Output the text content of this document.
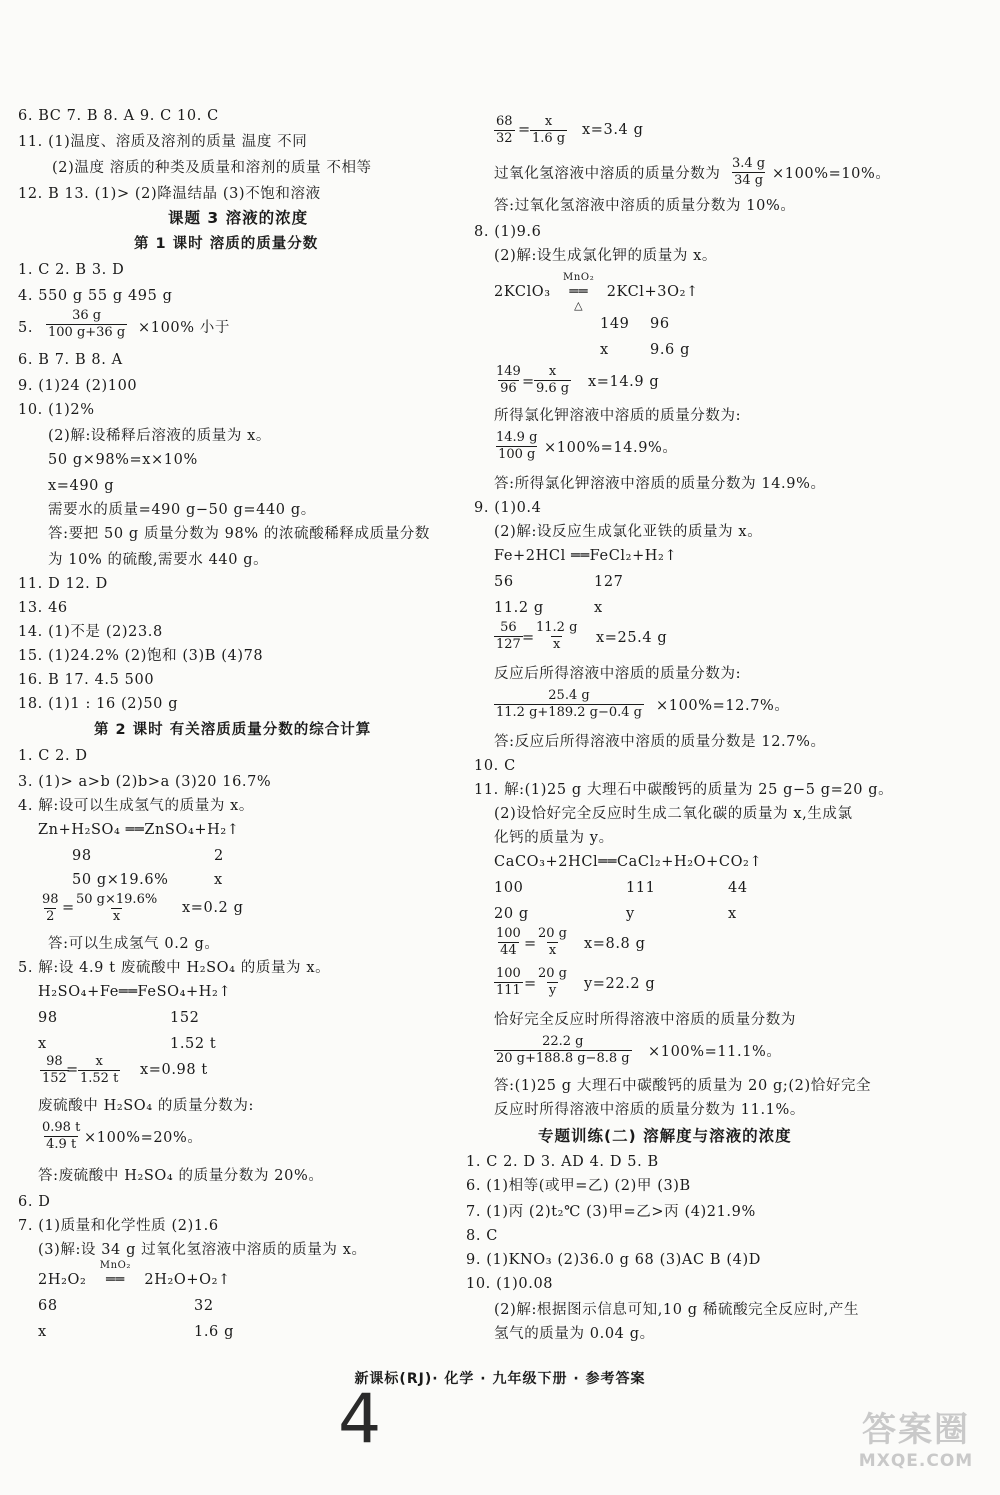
6. BC 7. B 8. A 9. C 10. C
11. (1)温度、溶质及溶剂的质量 温度 不同
(2)温度 溶质的种类及质量和溶剂的质量 不相等
12. B 13. (1)> (2)降温结晶 (3)不饱和溶液
课题 3 溶液的浓度
第 1 课时 溶质的质量分数
1. C 2. B 3. D
4. 550 g 55 g 495 g
5. $\frac{36 g}{100 g+36 g} \times 100\%$ 小于
6. B 7. B 8. A
9. (1)24 (2)100
10. (1)2%
(2)解:设稀释后溶液的质量为 x。
50 g×98%=x×10%
x=490 g
需要水的质量=490 g−50 g=440 g。
答:要把 50 g 质量分数为 98% 的浓硫酸稀释成质量分数
为 10% 的硫酸,需要水 440 g。
11. D 12. D
13. 46
14. (1)不是 (2)23.8
15. (1)24.2% (2)饱和 (3)B (4)78
16. B 17. 4.5 500
18. (1)1 : 16 (2)50 g
第 2 课时 有关溶质质量分数的综合计算
1. C 2. D
3. (1)> a>b (2)b>a (3)20 16.7%
4. 解:设可以生成氢气的质量为 x。
Zn+H₂SO₄ ══ZnSO₄+H₂↑
98	2
50 g×19.6%	x
$\frac{98}{2} = \frac{50 g\times 19.6\%}{x} x=0.2$ g
答:可以生成氢气 0.2 g。
5. 解:设 4.9 t 废硫酸中 H₂SO₄ 的质量为 x。
H₂SO₄+Fe══FeSO₄+H₂↑
98	152
x	1.52 t
$\frac{98}{152}$
= $\frac{x}{1.52 t} x=0.98$ t
废硫酸中 H₂SO₄ 的质量分数为:
$\frac{0.98 t}{4.9 t} \times 100\%=20\%$。
答:废硫酸中 H₂SO₄ 的质量分数为 20%。
6. D
7. (1)质量和化学性质 (2)1.6
(3)解:设 34 g 过氧化氢溶液中溶质的质量为 x。
2H₂O₂
MnO₂
══ 2H₂O+O₂↑
68	32
x	1.6 g
$\frac{68}{32} = \frac{x}{1.6 g} x=3.4$ g
过氧化氢溶液中溶质的质量分数为 $\frac{3.4 g}{34 g} \times 100\%=10\%$。
答:过氧化氢溶液中溶质的质量分数为 10%。
8. (1)9.6
(2)解:设生成氯化钾的质量为 x。
2KClO₃
MnO₂
══
△
2KCl+3O₂↑
149 96
x	9.6 g
$\frac{149}{96} = \frac{x}{9.6 g} x=14.9$ g
所得氯化钾溶液中溶质的质量分数为:
$\frac{14.9 g}{100 g} \times 100\%=14.9\%$。
答:所得氯化钾溶液中溶质的质量分数为 14.9%。
9. (1)0.4
(2)解:设反应生成氯化亚铁的质量为 x。
Fe+2HCl ══FeCl₂+H₂↑
56	127
11.2 g	x
$\frac{56}{127} = \frac{11.2 g}{x} x=25.4$ g
反应后所得溶液中溶质的质量分数为:
$\frac{25.4 g}{11.2 g+189.2 g-0.4 g} \times 100\%=12.7\%$。
答:反应后所得溶液中溶质的质量分数是 12.7%。
10. C
11. 解:(1)25 g 大理石中碳酸钙的质量为 25 g−5 g=20 g。
(2)设恰好完全反应时生成二氧化碳的质量为 x,生成氯
化钙的质量为 y。
CaCO₃+2HCl══CaCl₂+H₂O+CO₂↑
100	111	44
20 g	y	x
$\frac{100}{44} = \frac{20 g}{x} x=8.8$ g
$\frac{100}{111} = \frac{20 g}{y} y=22.2$ g
恰好完全反应时所得溶液中溶质的质量分数为
$\frac{22.2 g}{20 g+188.8 g-8.8 g} \times 100\%=11.1\%$。
答:(1)25 g 大理石中碳酸钙的质量为 20 g;(2)恰好完全
反应时所得溶液中溶质的质量分数为 11.1%。
专题训练(二) 溶解度与溶液的浓度
1. C 2. D 3. AD 4. D 5. B
6. (1)相等(或甲=乙) (2)甲 (3)B
7. (1)丙 (2)t₂℃ (3)甲=乙>丙 (4)21.9%
8. C
9. (1)KNO₃ (2)36.0 g 68 (3)AC B (4)D
10. (1)0.08
(2)解:根据图示信息可知,10 g 稀硫酸完全反应时,产生
氢气的质量为 0.04 g。
新课标(RJ)· 化学 · 九年级下册 · 参考答案
4	答案圈
MXQE.COM
